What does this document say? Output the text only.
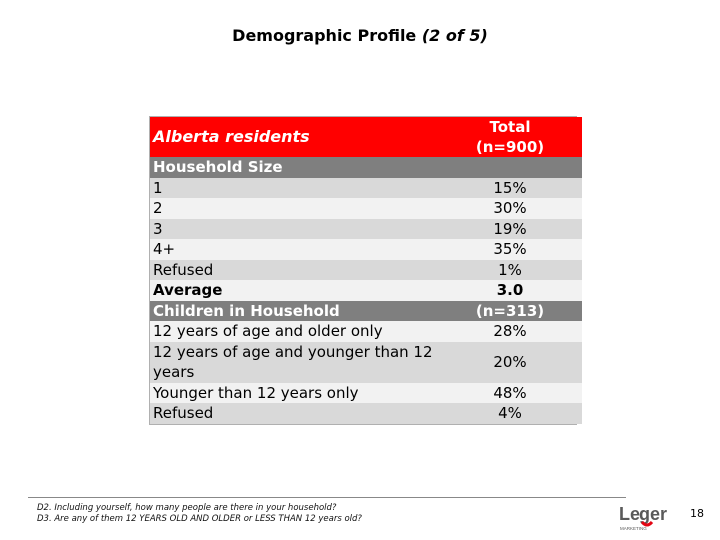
Demographic Profile (2 of 5)
Alberta residents	Total
(n=900)
Household Size	
1	15%
2	30%
3	19%
4+	35%
Refused	1%
Average	3.0
Children in Household	(n=313)
12 years of age and older only	28%
12 years of age and younger than 12 years	20%
Younger than 12 years only	48%
Refused	4%
D2. Including yourself, how many people are there in your household?
D3. Are any of them 12 YEARS OLD AND OLDER or LESS THAN 12 years old?	Le
ger
MARKETING
18
